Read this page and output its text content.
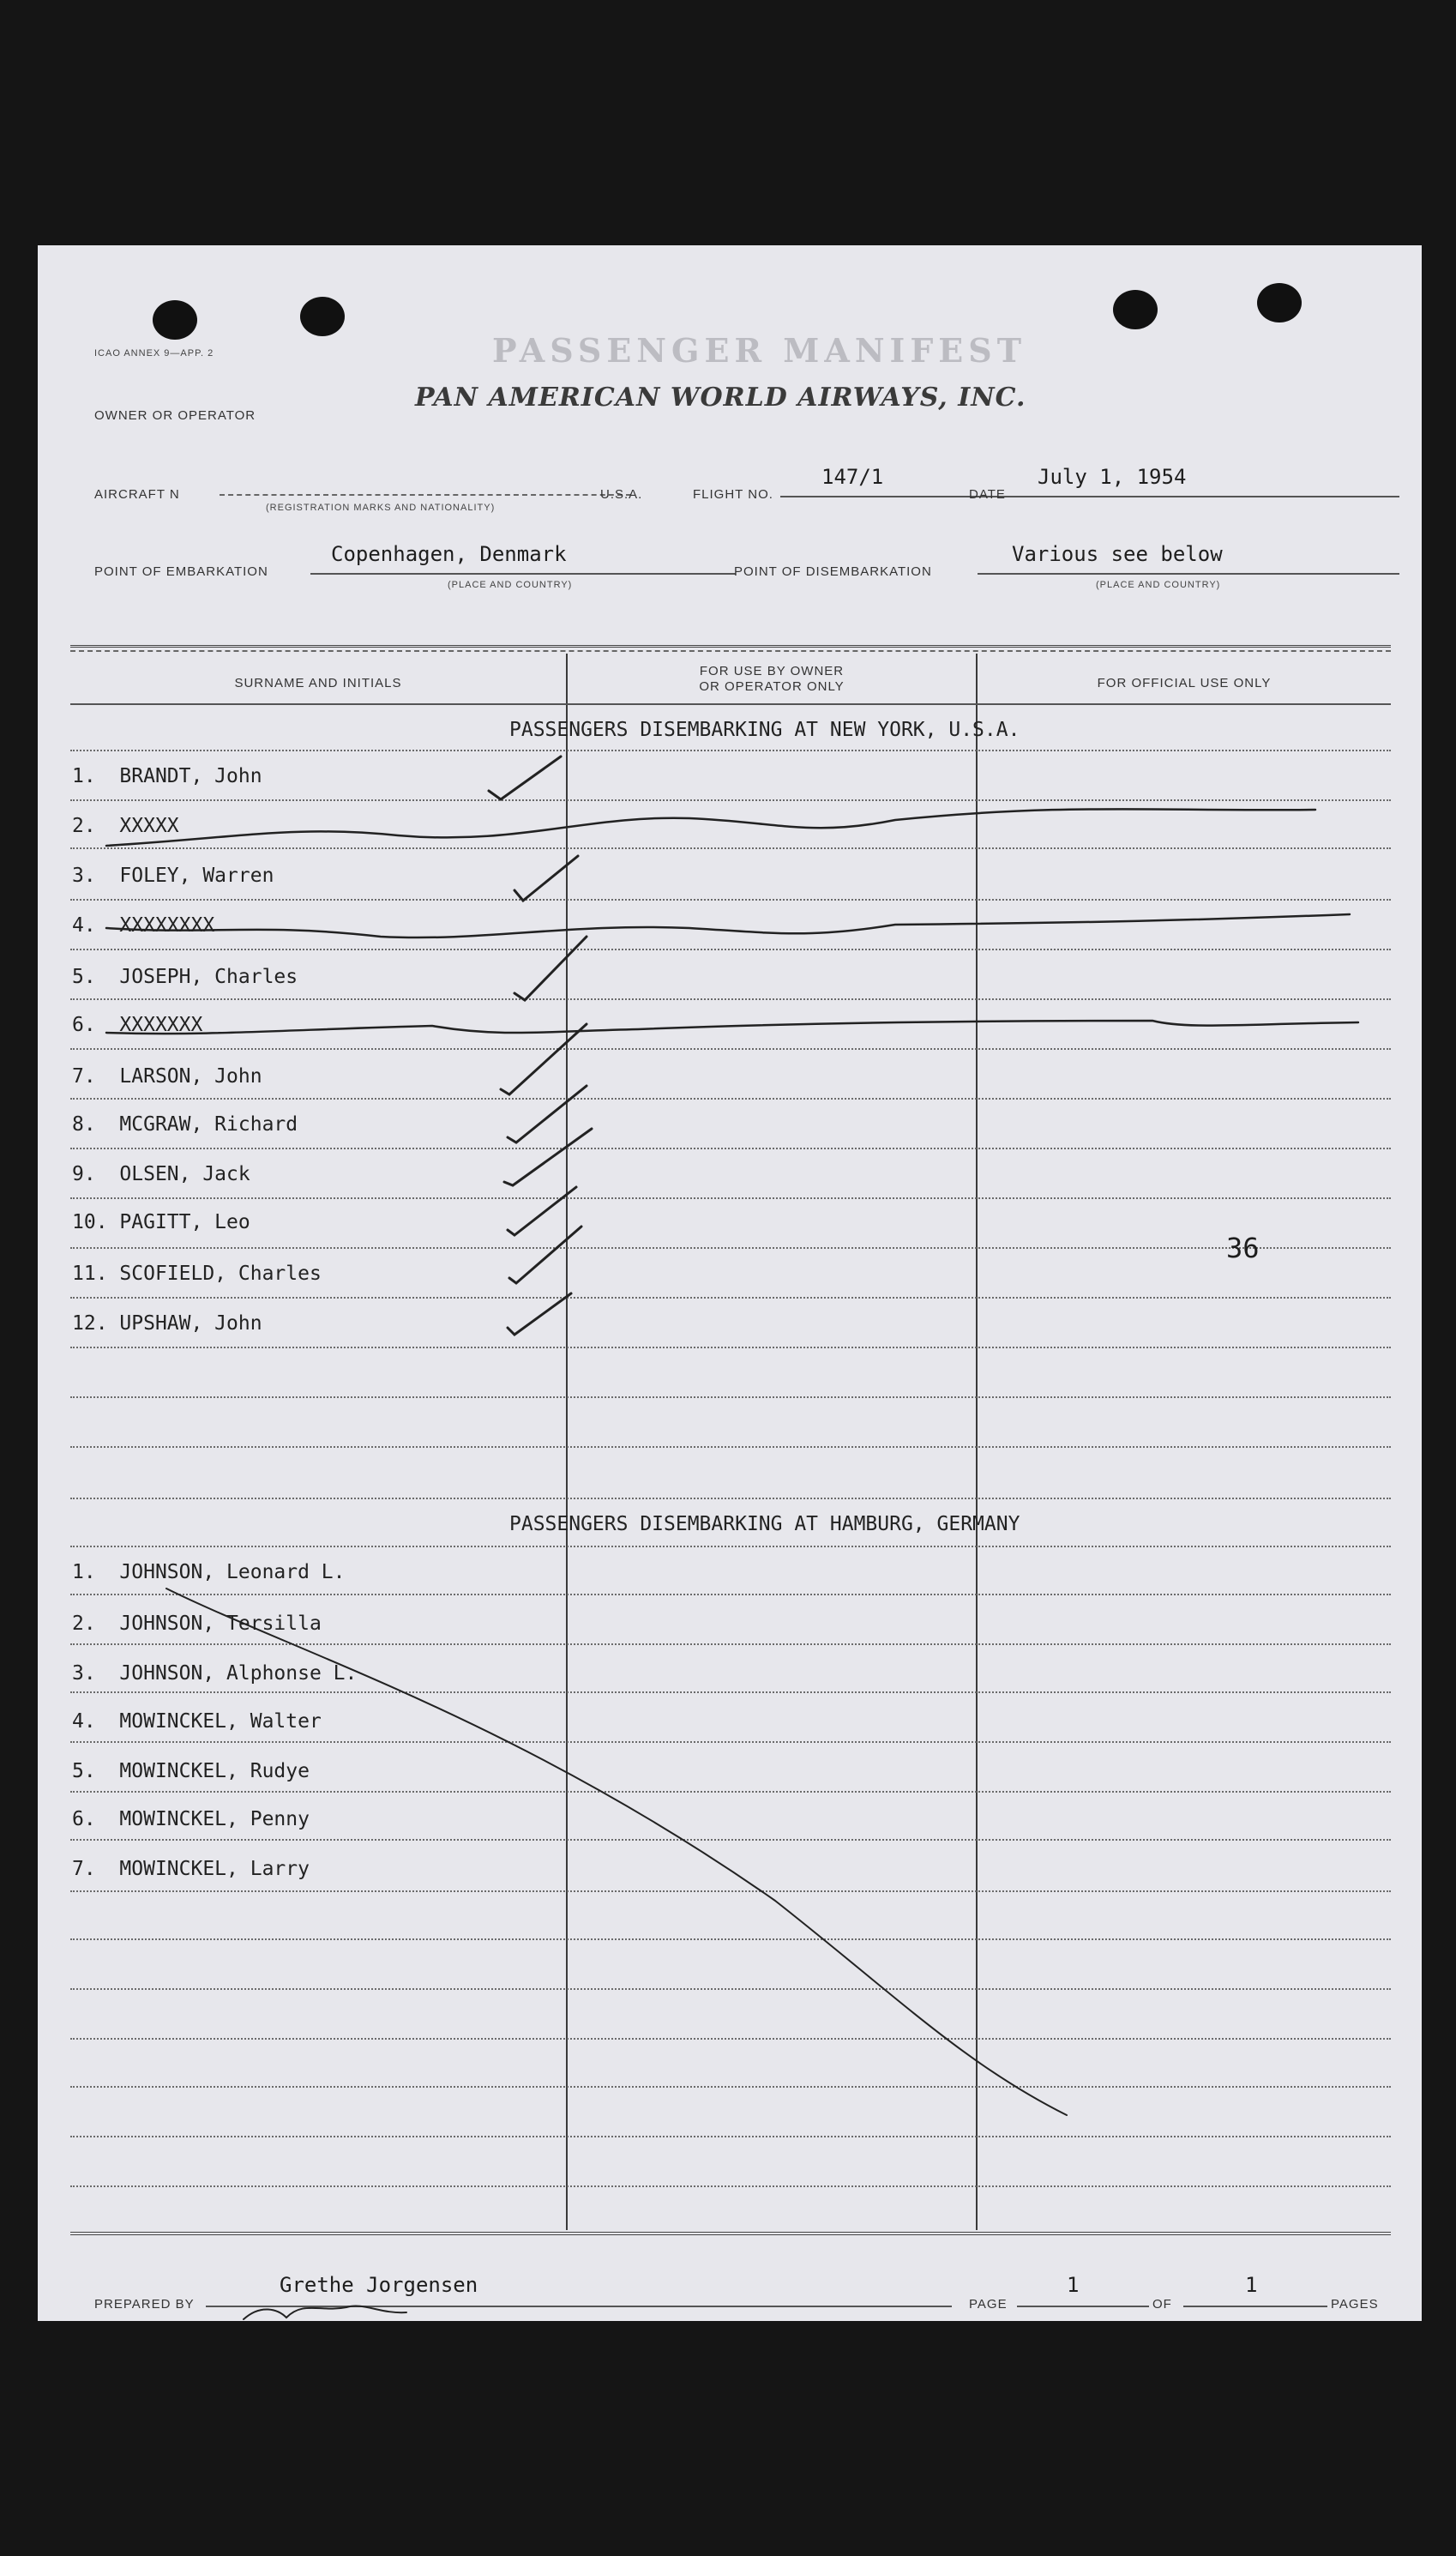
PASSENGER MANIFEST
ICAO ANNEX 9—APP. 2
OWNER OR OPERATOR
PAN AMERICAN WORLD AIRWAYS, INC.
AIRCRAFT N
(REGISTRATION MARKS AND NATIONALITY)
U.S.A.	FLIGHT NO.
147/1
DATE
July 1, 1954
POINT OF EMBARKATION
Copenhagen, Denmark
(PLACE AND COUNTRY)
POINT OF DISEMBARKATION
Various see below
(PLACE AND COUNTRY)
SURNAME AND INITIALS
FOR USE BY OWNER
OR OPERATOR ONLY	FOR OFFICIAL USE ONLY
PASSENGERS DISEMBARKING AT NEW YORK, U.S.A.
1. BRANDT, John
2. XXXXX
3. FOLEY, Warren
4. XXXXXXXX
5. JOSEPH, Charles
6. XXXXXXX
7. LARSON, John
8. MCGRAW, Richard
9. OLSEN, Jack
10. PAGITT, Leo
11. SCOFIELD, Charles
12. UPSHAW, John
36
PASSENGERS DISEMBARKING AT HAMBURG, GERMANY
1. JOHNSON, Leonard L.
2. JOHNSON, Tersilla
3. JOHNSON, Alphonse L.
4. MOWINCKEL, Walter
5. MOWINCKEL, Rudye
6. MOWINCKEL, Penny
7. MOWINCKEL, Larry
PREPARED BY
Grethe Jorgensen
PAGE
1
OF
1
PAGES
